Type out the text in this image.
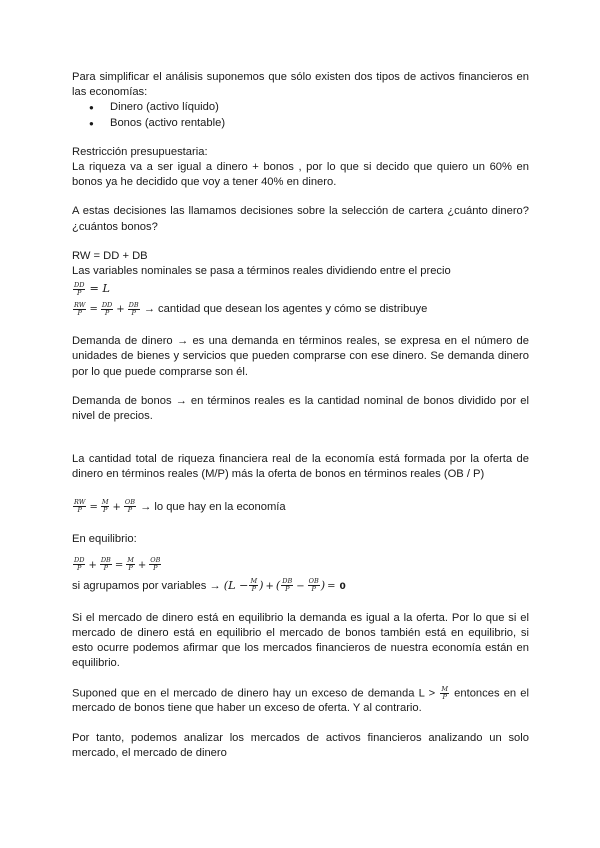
Para simplificar el análisis suponemos que sólo existen dos tipos de activos financieros en las economías:

● Dinero (activo líquido)
● Bonos (activo rentable)

Restricción presupuestaria:

La riqueza va a ser igual a dinero + bonos , por lo que si decido que quiero un 60% en bonos ya he decidido que voy a tener 40% en dinero.

A estas decisiones las llamamos decisiones sobre la selección de cartera ¿cuánto dinero? ¿cuántos bonos?

RW = DD + DB

Las variables nominales se pasa a términos reales dividiendo entre el precio

$\frac{DD}{P} = L$

$\frac{RW}{P} = \frac{DD}{P} + \frac{DB}{P}$ → cantidad que desean los agentes y cómo se distribuye

Demanda de dinero → es una demanda en términos reales, se expresa en el número de unidades de bienes y servicios que pueden comprarse con ese dinero. Se demanda dinero por lo que puede comprarse son él.

Demanda de bonos → en términos reales es la cantidad nominal de bonos dividido por el nivel de precios.

La cantidad total de riqueza financiera real de la economía está formada por la oferta de dinero en términos reales (M/P) más la oferta de bonos en términos reales (OB / P)

$\frac{RW}{P} = \frac{M}{P} + \frac{OB}{P}$ → lo que hay en la economía

En equilibrio:

$\frac{DD}{P} + \frac{DB}{P} = \frac{M}{P} + \frac{OB}{P}$

si agrupamos por variables → ($L - \frac{M}{P}$ ) + ( $\frac{DB}{P} - \frac{OB}{P}$ ) = 0

Si el mercado de dinero está en equilibrio la demanda es igual a la oferta. Por lo que si el mercado de dinero está en equilibrio el mercado de bonos también está en equilibrio, si esto ocurre podemos afirmar que los mercados financieros de nuestra economía están en equilibrio.

Suponed que en el mercado de dinero hay un exceso de demanda $L > \frac{M}{P}$ entonces en el mercado de bonos tiene que haber un exceso de oferta. Y al contrario.

Por tanto, podemos analizar los mercados de activos financieros analizando un solo mercado, el mercado de dinero
